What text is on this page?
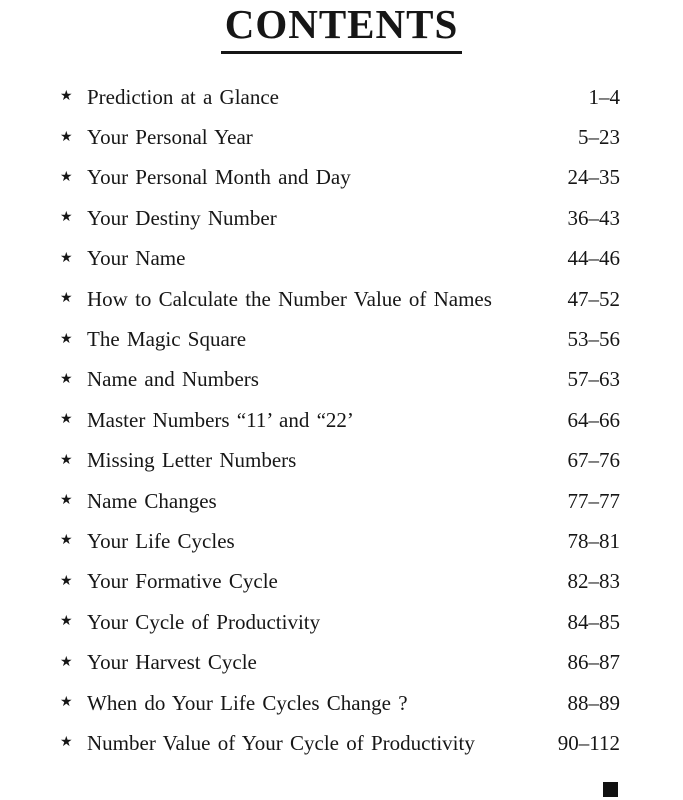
CONTENTS
★ Prediction at a Glance	1–4
★ Your Personal Year	5–23
★ Your Personal Month and Day	24–35
★ Your Destiny Number	36–43
★ Your Name	44–46
★ How to Calculate the Number Value of Names	47–52
★ The Magic Square	53–56
★ Name and Numbers	57–63
★ Master Numbers “11’ and “22’	64–66
★ Missing Letter Numbers	67–76
★ Name Changes	77–77
★ Your Life Cycles	78–81
★ Your Formative Cycle	82–83
★ Your Cycle of Productivity	84–85
★ Your Harvest Cycle	86–87
★ When do Your Life Cycles Change ?	88–89
★ Number Value of Your Cycle of Productivity	90–112
